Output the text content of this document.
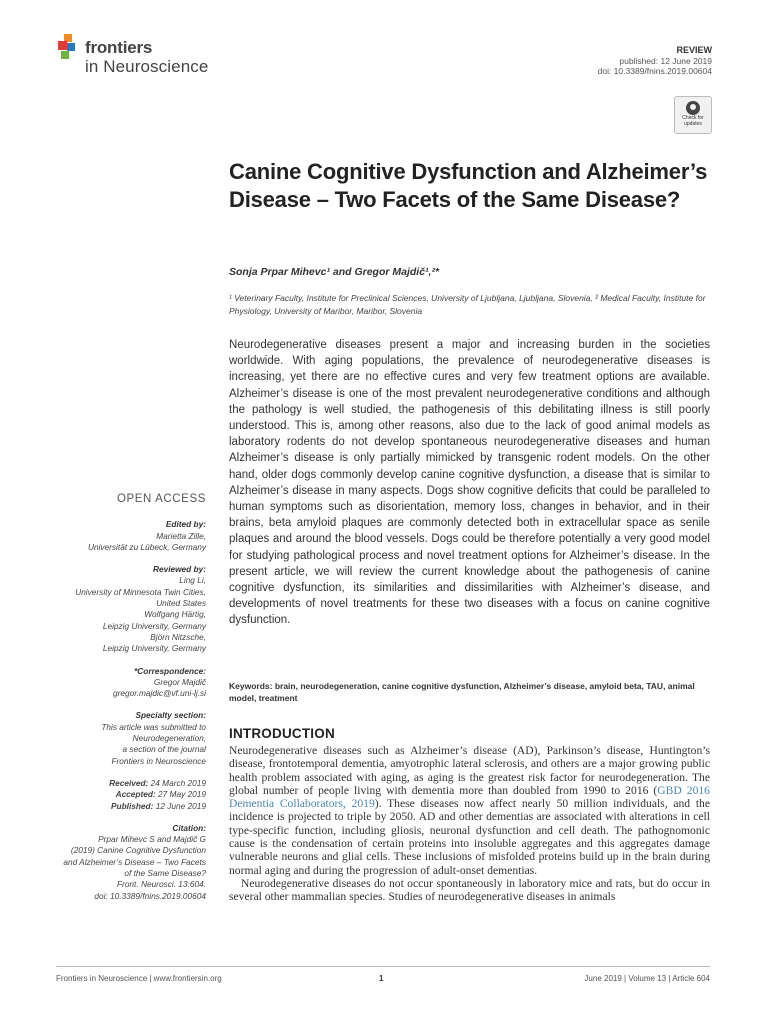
frontiers
in Neuroscience
REVIEW
published: 12 June 2019
doi: 10.3389/fnins.2019.00604
Check for
updates
Canine Cognitive Dysfunction and Alzheimer’s Disease – Two Facets of the Same Disease?
Sonja Prpar Mihevc¹ and Gregor Majdič¹,²*
¹ Veterinary Faculty, Institute for Preclinical Sciences, University of Ljubljana, Ljubljana, Slovenia, ² Medical Faculty, Institute for Physiology, University of Maribor, Maribor, Slovenia
Neurodegenerative diseases present a major and increasing burden in the societies worldwide. With aging populations, the prevalence of neurodegenerative diseases is increasing, yet there are no effective cures and very few treatment options are available. Alzheimer’s disease is one of the most prevalent neurodegenerative conditions and although the pathology is well studied, the pathogenesis of this debilitating illness is still poorly understood. This is, among other reasons, also due to the lack of good animal models as laboratory rodents do not develop spontaneous neurodegenerative diseases and human Alzheimer’s disease is only partially mimicked by transgenic rodent models. On the other hand, older dogs commonly develop canine cognitive dysfunction, a disease that is similar to Alzheimer’s disease in many aspects. Dogs show cognitive deficits that could be paralleled to human symptoms such as disorientation, memory loss, changes in behavior, and in their brains, beta amyloid plaques are commonly detected both in extracellular space as senile plaques and around the blood vessels. Dogs could be therefore potentially a very good model for studying pathological process and novel treatment options for Alzheimer’s disease. In the present article, we will review the current knowledge about the pathogenesis of canine cognitive dysfunction, its similarities and dissimilarities with Alzheimer’s disease, and developments of novel treatments for these two diseases with a focus on canine cognitive dysfunction.
Keywords: brain, neurodegeneration, canine cognitive dysfunction, Alzheimer’s disease, amyloid beta, TAU, animal model, treatment
OPEN ACCESS
Edited by:
Marietta Zille,
Universität zu Lübeck, Germany
Reviewed by:
Ling Li,
University of Minnesota Twin Cities,
United States
Wolfgang Härtig,
Leipzig University, Germany
Björn Nitzsche,
Leipzig University, Germany
*Correspondence:
Gregor Majdič
gregor.majdic@vf.uni-lj.si
Specialty section:
This article was submitted to
Neurodegeneration,
a section of the journal
Frontiers in Neuroscience
Received: 24 March 2019
Accepted: 27 May 2019
Published: 12 June 2019
Citation:
Prpar Mihevc S and Majdič G
(2019) Canine Cognitive Dysfunction
and Alzheimer’s Disease – Two Facets
of the Same Disease?
Front. Neurosci. 13:604.
doi: 10.3389/fnins.2019.00604
INTRODUCTION

Neurodegenerative diseases such as Alzheimer’s disease (AD), Parkinson’s disease, Huntington’s disease, frontotemporal dementia, amyotrophic lateral sclerosis, and others are a major growing public health problem associated with aging, as aging is the greatest risk factor for neurodegeneration. The global number of people living with dementia more than doubled from 1990 to 2016 (GBD 2016 Dementia Collaborators, 2019). These diseases now affect nearly 50 million individuals, and the incidence is projected to triple by 2050. AD and other dementias are associated with alterations in cell type-specific function, including gliosis, neuronal dysfunction and cell death. The pathognomonic cause is the condensation of certain proteins into insoluble aggregates and this aggregates damage vulnerable neurons and glial cells. These inclusions of misfolded proteins build up in the brain during normal aging and during the progression of adult-onset dementias.

Neurodegenerative diseases do not occur spontaneously in laboratory mice and rats, but do occur in several other mammalian species. Studies of neurodegenerative diseases in animals

Frontiers in Neuroscience | www.frontiersin.org	1	June 2019 | Volume 13 | Article 604
